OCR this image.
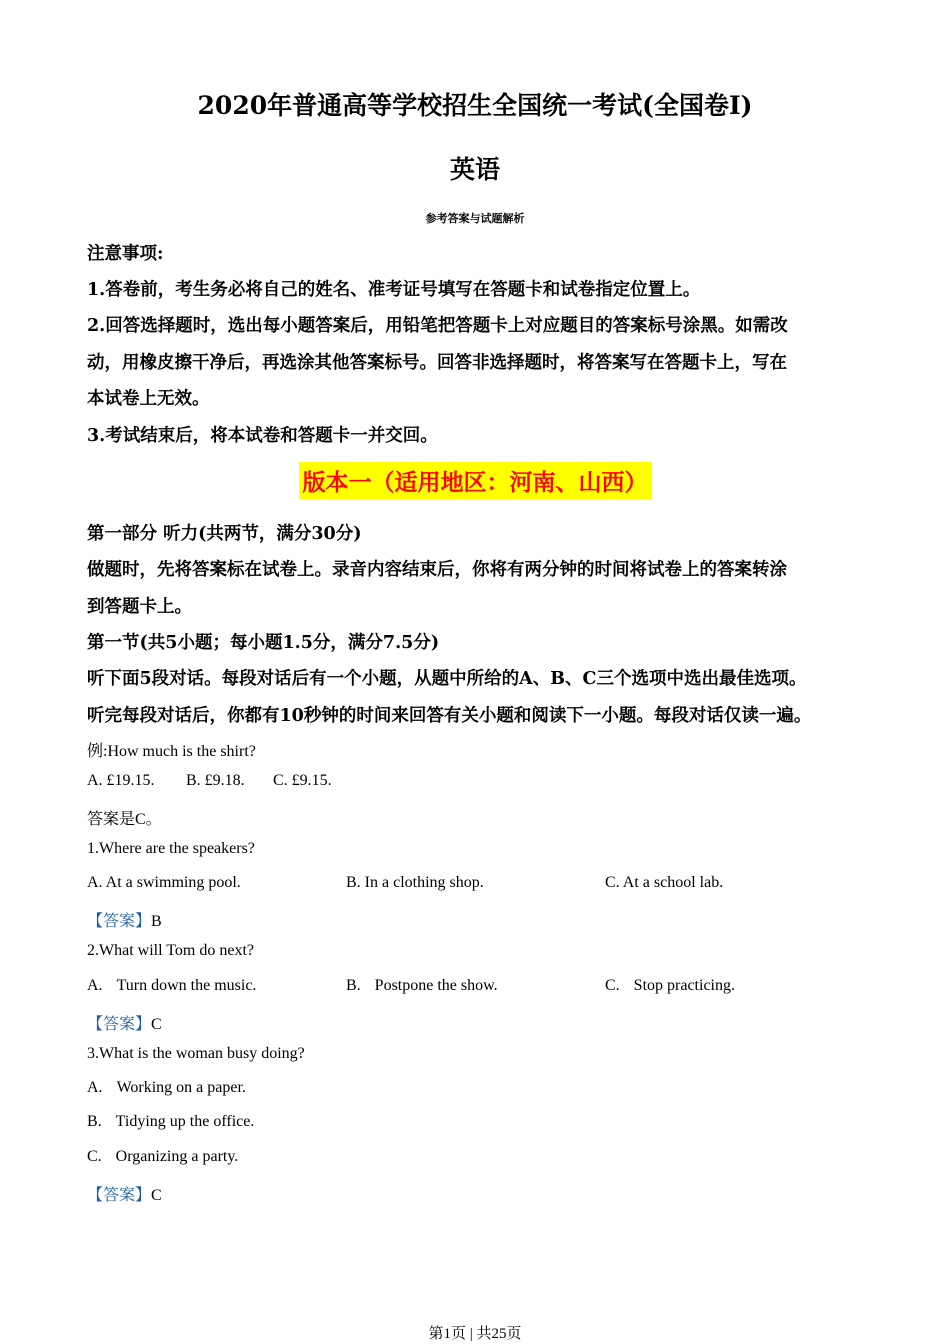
2020年普通高等学校招生全国统一考试(全国卷I)
英语
参考答案与试题解析
注意事项:
1.答卷前，考生务必将自己的姓名、准考证号填写在答题卡和试卷指定位置上。
2.回答选择题时，选出每小题答案后，用铅笔把答题卡上对应题目的答案标号涂黑。如需改
动，用橡皮擦干净后，再选涂其他答案标号。回答非选择题时，将答案写在答题卡上，写在
本试卷上无效。
3.考试结束后，将本试卷和答题卡一并交回。
版本一（适用地区：河南、山西）
第一部分 听力(共两节，满分30分)
做题时，先将答案标在试卷上。录音内容结束后，你将有两分钟的时间将试卷上的答案转涂
到答题卡上。
第一节(共5小题；每小题1.5分，满分7.5分)
听下面5段对话。每段对话后有一个小题，从题中所给的A、B、C三个选项中选出最佳选项。
听完每段对话后，你都有10秒钟的时间来回答有关小题和阅读下一小题。每段对话仅读一遍。
例:How much is the shirt?
A. £19.15. B. £9.18. C. £9.15.
答案是C。
1.Where are the speakers?
A. At a swimming pool.	B. In a clothing shop.	C. At a school lab.
【答案】B
2.What will Tom do next?
A. Turn down the music.	B. Postpone the show.	C. Stop practicing.
【答案】C
3.What is the woman busy doing?
A. Working on a paper.
B. Tidying up the office.
C. Organizing a party.
【答案】C
第1页 | 共25页
